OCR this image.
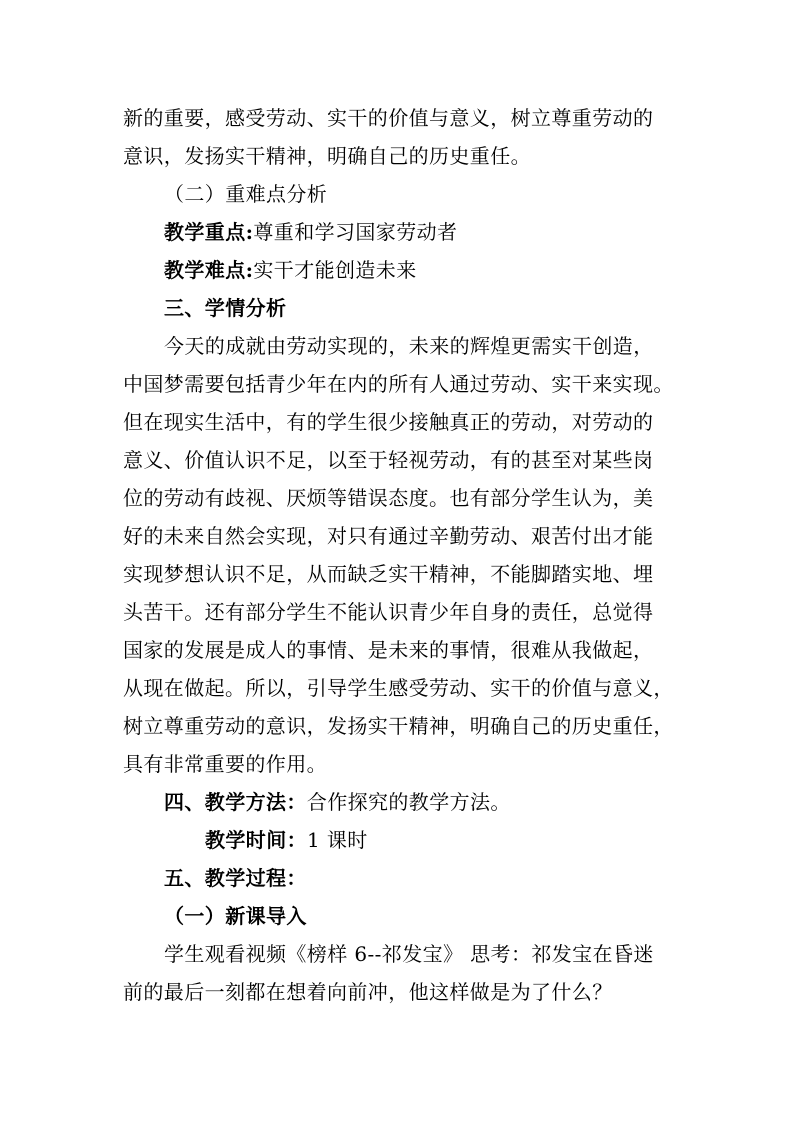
新的重要，感受劳动、实干的价值与意义，树立尊重劳动的
意识，发扬实干精神，明确自己的历史重任。
（二）重难点分析
教学重点:尊重和学习国家劳动者
教学难点:实干才能创造未来
三、学情分析
今天的成就由劳动实现的，未来的辉煌更需实干创造，
中国梦需要包括青少年在内的所有人通过劳动、实干来实现。
但在现实生活中，有的学生很少接触真正的劳动，对劳动的
意义、价值认识不足，以至于轻视劳动，有的甚至对某些岗
位的劳动有歧视、厌烦等错误态度。也有部分学生认为，美
好的未来自然会实现，对只有通过辛勤劳动、艰苦付出才能
实现梦想认识不足，从而缺乏实干精神，不能脚踏实地、埋
头苦干。还有部分学生不能认识青少年自身的责任，总觉得
国家的发展是成人的事情、是未来的事情，很难从我做起，
从现在做起。所以，引导学生感受劳动、实干的价值与意义，
树立尊重劳动的意识，发扬实干精神，明确自己的历史重任，
具有非常重要的作用。
四、教学方法：合作探究的教学方法。
教学时间：1 课时
五、教学过程：
（一）新课导入
学生观看视频《榜样 6--祁发宝》 思考：祁发宝在昏迷
前的最后一刻都在想着向前冲，他这样做是为了什么？
